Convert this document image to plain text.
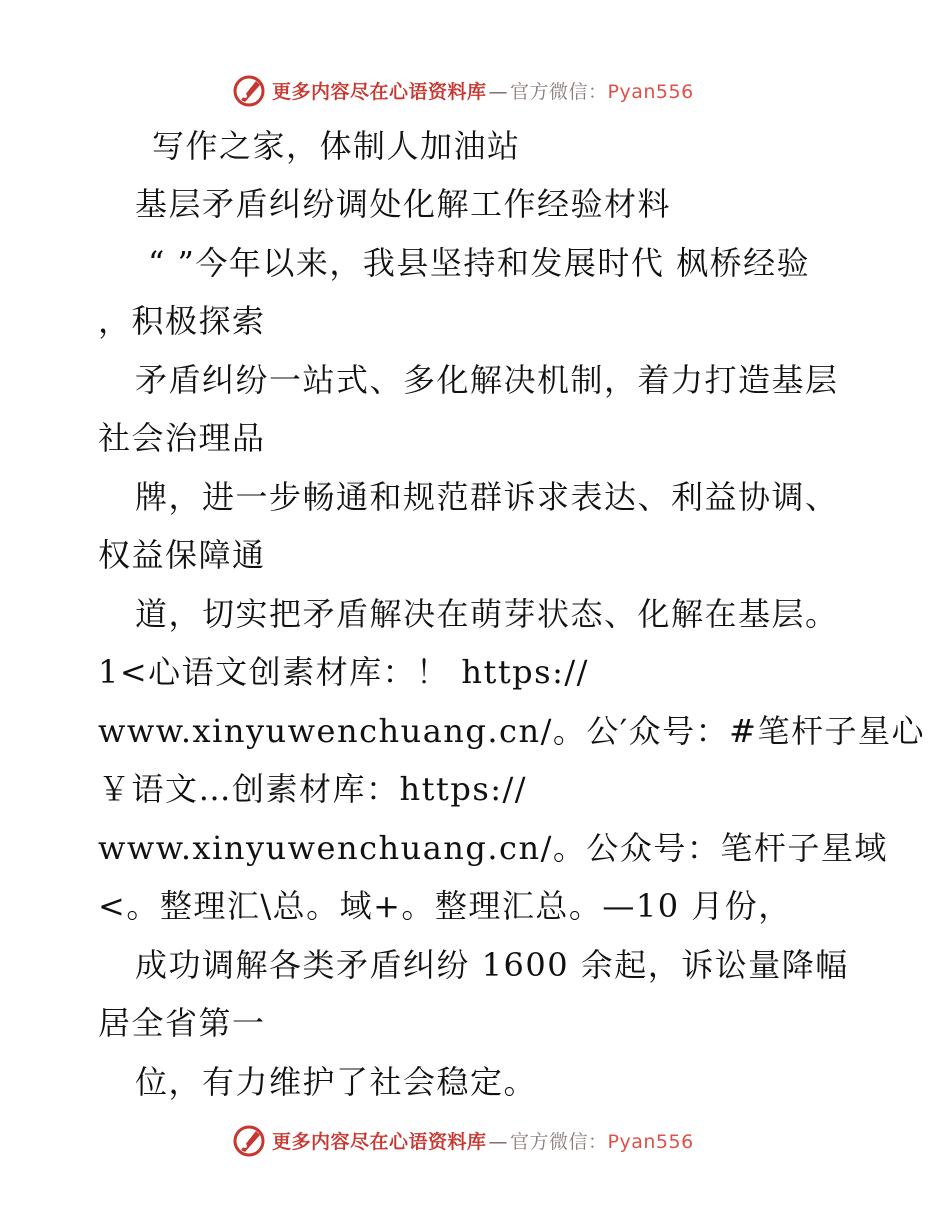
更多内容尽在心语资料库 — 官方微信：Pyan556
写作之家，体制人加油站
基层矛盾纠纷调处化解工作经验材料
“ ”今年以来，我县坚持和发展时代 枫桥经验
，积极探索
矛盾纠纷一站式、多化解决机制，着力打造基层
社会治理品
牌，进一步畅通和规范群诉求表达、利益协调、
权益保障通
道，切实把矛盾解决在萌芽状态、化解在基层。
1<心语文创素材库：！ https://
www.xinyuwenchuang.cn/。公′众号：#笔杆子星心
￥语文…创素材库：https://
www.xinyuwenchuang.cn/。公众号：笔杆子星域
<。整理汇\总。域+。整理汇总。—10 月份，
成功调解各类矛盾纠纷 1600 余起，诉讼量降幅
居全省第一
位，有力维护了社会稳定。
更多内容尽在心语资料库 — 官方微信：Pyan556
